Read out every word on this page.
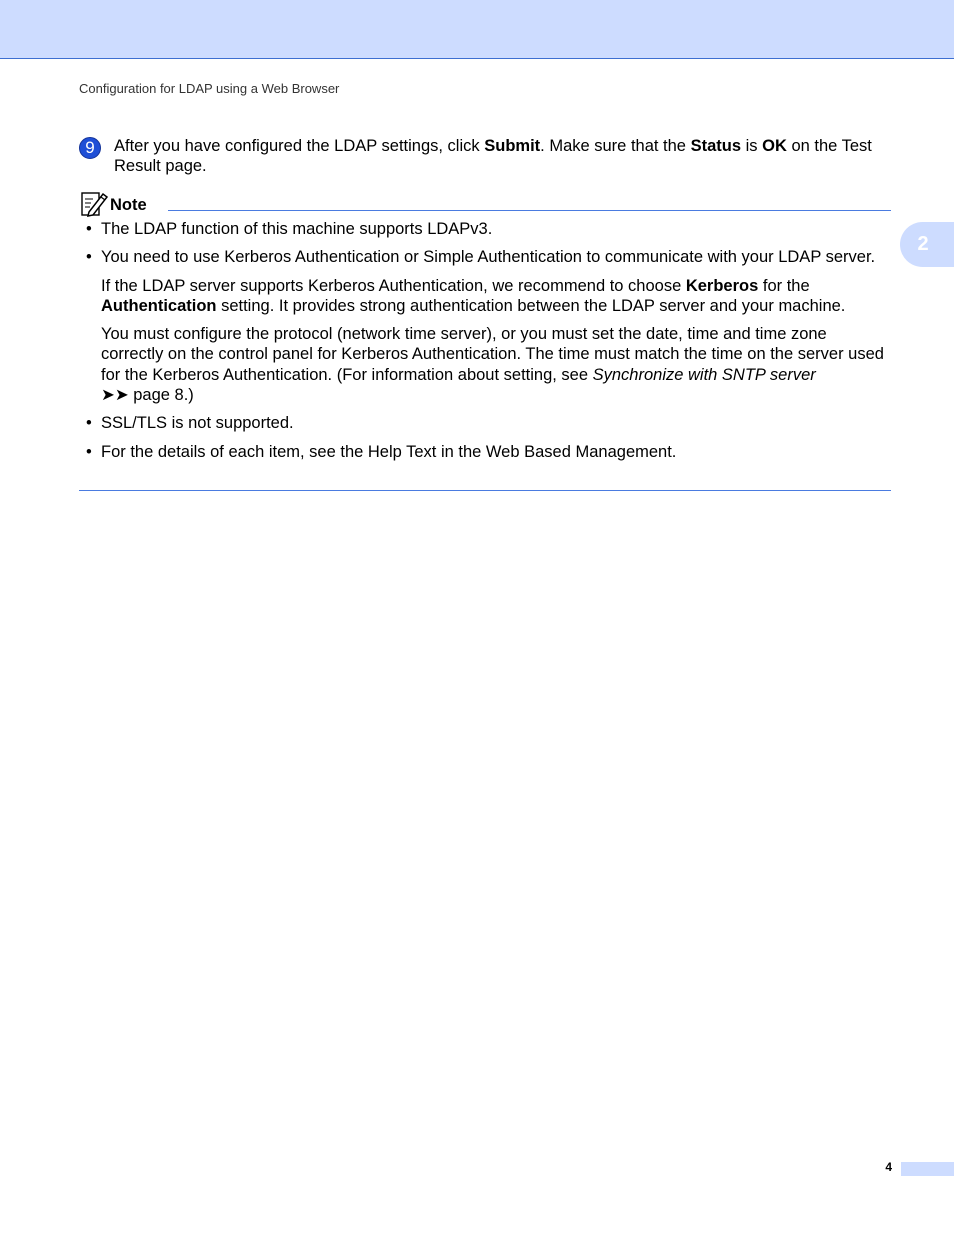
Configuration for LDAP using a Web Browser
2
9 After you have configured the LDAP settings, click Submit. Make sure that the Status is OK on the Test Result page.
Note
• The LDAP function of this machine supports LDAPv3.
• You need to use Kerberos Authentication or Simple Authentication to communicate with your LDAP server.

If the LDAP server supports Kerberos Authentication, we recommend to choose Kerberos for the Authentication setting. It provides strong authentication between the LDAP server and your machine.

You must configure the protocol (network time server), or you must set the date, time and time zone correctly on the control panel for Kerberos Authentication. The time must match the time on the server used for the Kerberos Authentication. (For information about setting, see Synchronize with SNTP server
➤➤ page 8.)

• SSL/TLS is not supported.
• For the details of each item, see the Help Text in the Web Based Management.
4
